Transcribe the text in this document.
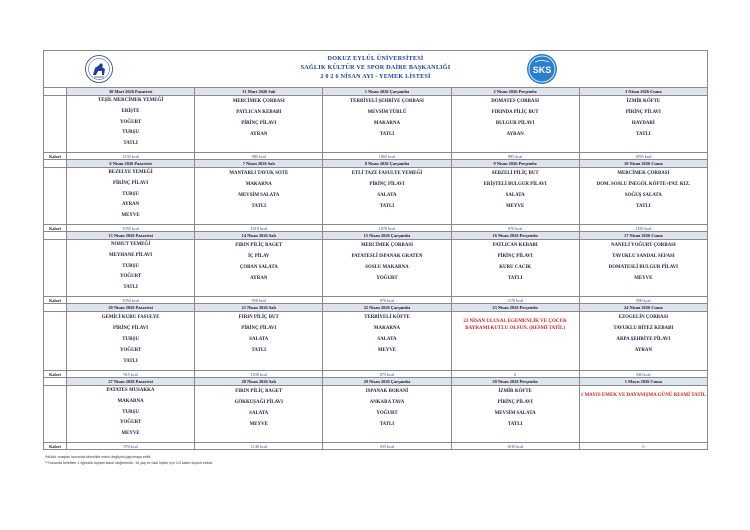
DOKUZ EYLÜL ÜNİVERSİTESİ
SAĞLIK KÜLTÜR VE SPOR DAİRE BAŞKANLIĞI
2 0 2 6 NİSAN AYI - YEMEK LİSTESİ
SKS
	30 Mart 2026 Pazartesi	31 Mart 2026 Salı	1 Nisan 2026 Çarşamba	2 Nisan 2026 Perşembe	3 Nisan 2026 Cuma

	TEŞİL MERCİMEK YEMEĞİ
ERİŞTE
YOĞURT
TURŞU
TATLI	MERCİMEK ÇORBASI
PATLICAN KEBABI
PİRİNÇ PİLAVI
AYRAN	TERBİYELİ ŞEHRİYE ÇORBASI
MEVSİM TÜRLÜ
MAKARNA
TATLI	DOMATES ÇORBASI
FIRINDA PİLİÇ BUT
BULGUR PİLAVI
AYRAN	İZMİR KÖFTE
PİRİNÇ PİLAVI
HAYDARİ
TATLI

Kalori	1130 kcal	985 kcal	1065 kcal	985 kcal	1095 kcal
	6 Nisan 2026 Pazartesi	7 Nisan 2026 Salı	8 Nisan 2026 Çarşamba	9 Nisan 2026 Perşembe	10 Nisan 2026 Cuma

	BEZELYE YEMEĞİ
PİRİNÇ PİLAVI
TURŞU
AYRAN
MEYVE	MANTARLI TAVUK SOTE
MAKARNA
MEVSİM SALATA
TATLI	ETLİ TAZE FASULYE YEMEĞİ
PİRİNÇ PİLAVI
SALATA
TATLI	SEBZELİ PİLİÇ BUT
ERİŞTELİ BULGUR PİLAVI
SALATA
MEYVE	MERCİMEK ÇORBASI
DOM. SOSLU İNEGÖL KÖFTE+PAT. KIZ.
SOĞUŞ SALATA
TATLI

Kalori	1055 kcal	1010 kcal	1070 kcal	970 kcal	1150 kcal
	13 Nisan 2026 Pazartesi	14 Nisan 2026 Salı	15 Nisan 2026 Çarşamba	16 Nisan 2026 Perşembe	17 Nisan 2026 Cuma

	NOHUT YEMEĞİ
MEYHANE PİLAVI
TURŞU
YOĞURT
TATLI	FIRIN PİLİÇ BAGET
İÇ PİLAV
ÇOBAN SALATA
AYRAN	MERCİMEK ÇORBASI
PATATESLİ ISPANAK GRATEN
SOSLU MAKARNA
YOĞURT	PATLICAN KEBABI
PİRİNÇ PİLAVI
KURU CACIK
TATLI	NANELİ YOĞURT ÇORBASI
TAVUKLU SANDAL SEFASI
DOMATESLİ BULGUR PİLAVI
MEYVE

Kalori	1054 kcal	950 kcal	976 kcal	1170 kcal	990 kcal
	20 Nisan 2026 Pazartesi	21 Nisan 2026 Salı	22 Nisan 2026 Çarşamba	23 Nisan 2026 Perşembe	24 Nisan 2026 Cuma

	GEMİCİ KURU FASULYE
PİRİNÇ PİLAVI
TURŞU
YOĞURT
TATLI	FIRIN PİLİÇ BUT
PİRİNÇ PİLAVI
SALATA
TATLI	TERBİYELİ KÖFTE
MAKARNA
SALATA
MEYVE	23 NİSAN ULUSAL EGEMENLİK VE ÇOCUK BAYRAMI KUTLU OLSUN. (RESMİ TATİL)	EZOGELİN ÇORBASI
TAVUKLU BİTEZ KEBABI
ARPA ŞEHRİYE PİLAVI
AYRAN

Kalori	915 kcal	1030 kcal	875 kcal	0	940 kcal
	27 Nisan 2026 Pazartesi	28 Nisan 2026 Salı	29 Nisan 2026 Çarşamba	30 Nisan 2026 Perşembe	1 Mayıs 2026 Cuma

	PATATES MUSAKKA
MAKARNA
TURŞU
YOĞURT
MEYVE	FIRIN PİLİÇ BAGET
GÖKKUŞAĞI PİLAVI
SALATA
MEYVE	ISPANAK BORANİ
ANKARA TAVA
YOĞURT
TATLI	İZMİR KÖFTE
PİRİNÇ PİLAVI
MEVSİM SALATA
TATLI	1 MAYIS EMEK VE DAYANIŞMA GÜNÜ RESMİ TATİL

Kalori	970 kcal	1140 kcal	935 kcal	1010 kcal	0
*Müdür onayları kurumda birimlikle menü değişimi yapılmaya ebilir.
**Yukarıda belirtilen 1 öğünlük toplam kalori değerleridir, 16 yaş ve üstü kişiler için 1/4 kalori ölçüsü ediniz.
